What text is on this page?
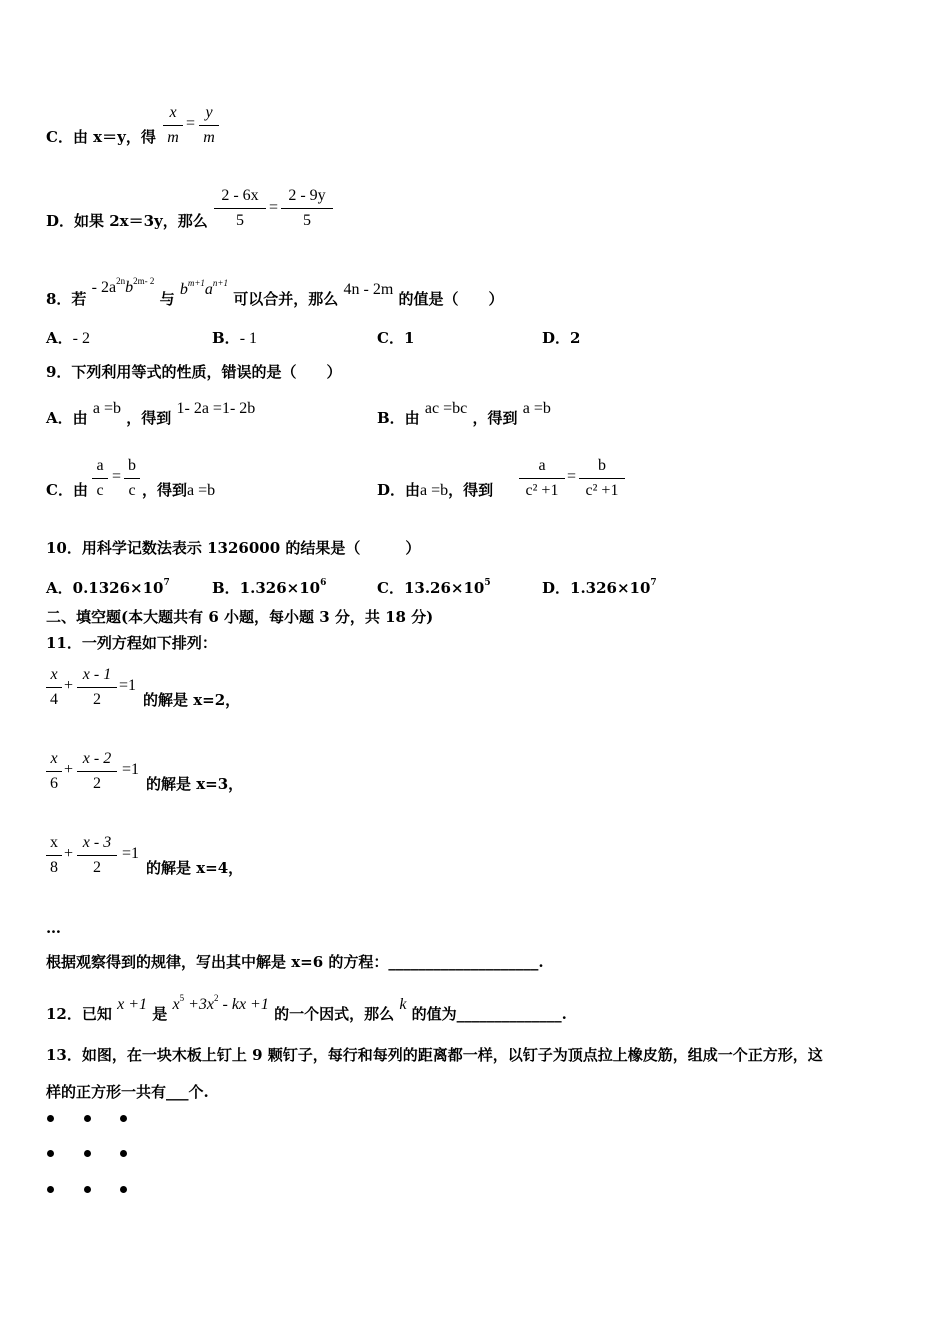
C．由 x＝y，得 $\frac{x}{m} = \frac{y}{m}$
D．如果 2x＝3y，那么 $\frac{2 - 6x}{5} = \frac{2 - 9y}{5}$
8．若 - $2a^{2n}b^{2m- 2}$ 与 $b^{m+1}a^{n+1}$ 可以合并，那么 4n - 2m 的值是（　　）
A．- 2	B．- 1	C．1	D．2
9．下列利用等式的性质，错误的是（　　）
A．由 a =b ，得到 1- 2a =1- 2b
B．由 ac =bc ，得到 a =b
C．由 $\frac{a}{c} = \frac{b}{c}$ ，得到a =b	D．由a =b，得到 $\frac{a}{\text{c² +1}} = \frac{b}{\text{c² +1}}$
10．用科学记数法表示 1326000 的结果是（　　　）
A．$0.1326\times 10^7$	B．$1.326\times 10^6$	C．$13.26\times 10^5$	D．$1.326\times 10^7$
二、填空题(本大题共有 6 小题，每小题 3 分，共 18 分)
11．一列方程如下排列：
$\frac{x}{4} + \frac{x - 1}{2} =1$
的解是 x=2，
$\frac{x}{6} + \frac{x - 2}{2} =1$
的解是 x=3，
$\frac{x}{8} + \frac{x - 3}{2} =1$
的解是 x=4，
…
根据观察得到的规律，写出其中解是 x=6 的方程：____________________.
12．已知 x +1 是 $x^5 +3x^2$ - kx +1 的一个因式，那么 k 的值为______________.
13．如图，在一块木板上钉上 9 颗钉子，每行和每列的距离都一样，以钉子为顶点拉上橡皮筋，组成一个正方形，这
样的正方形一共有___个.
